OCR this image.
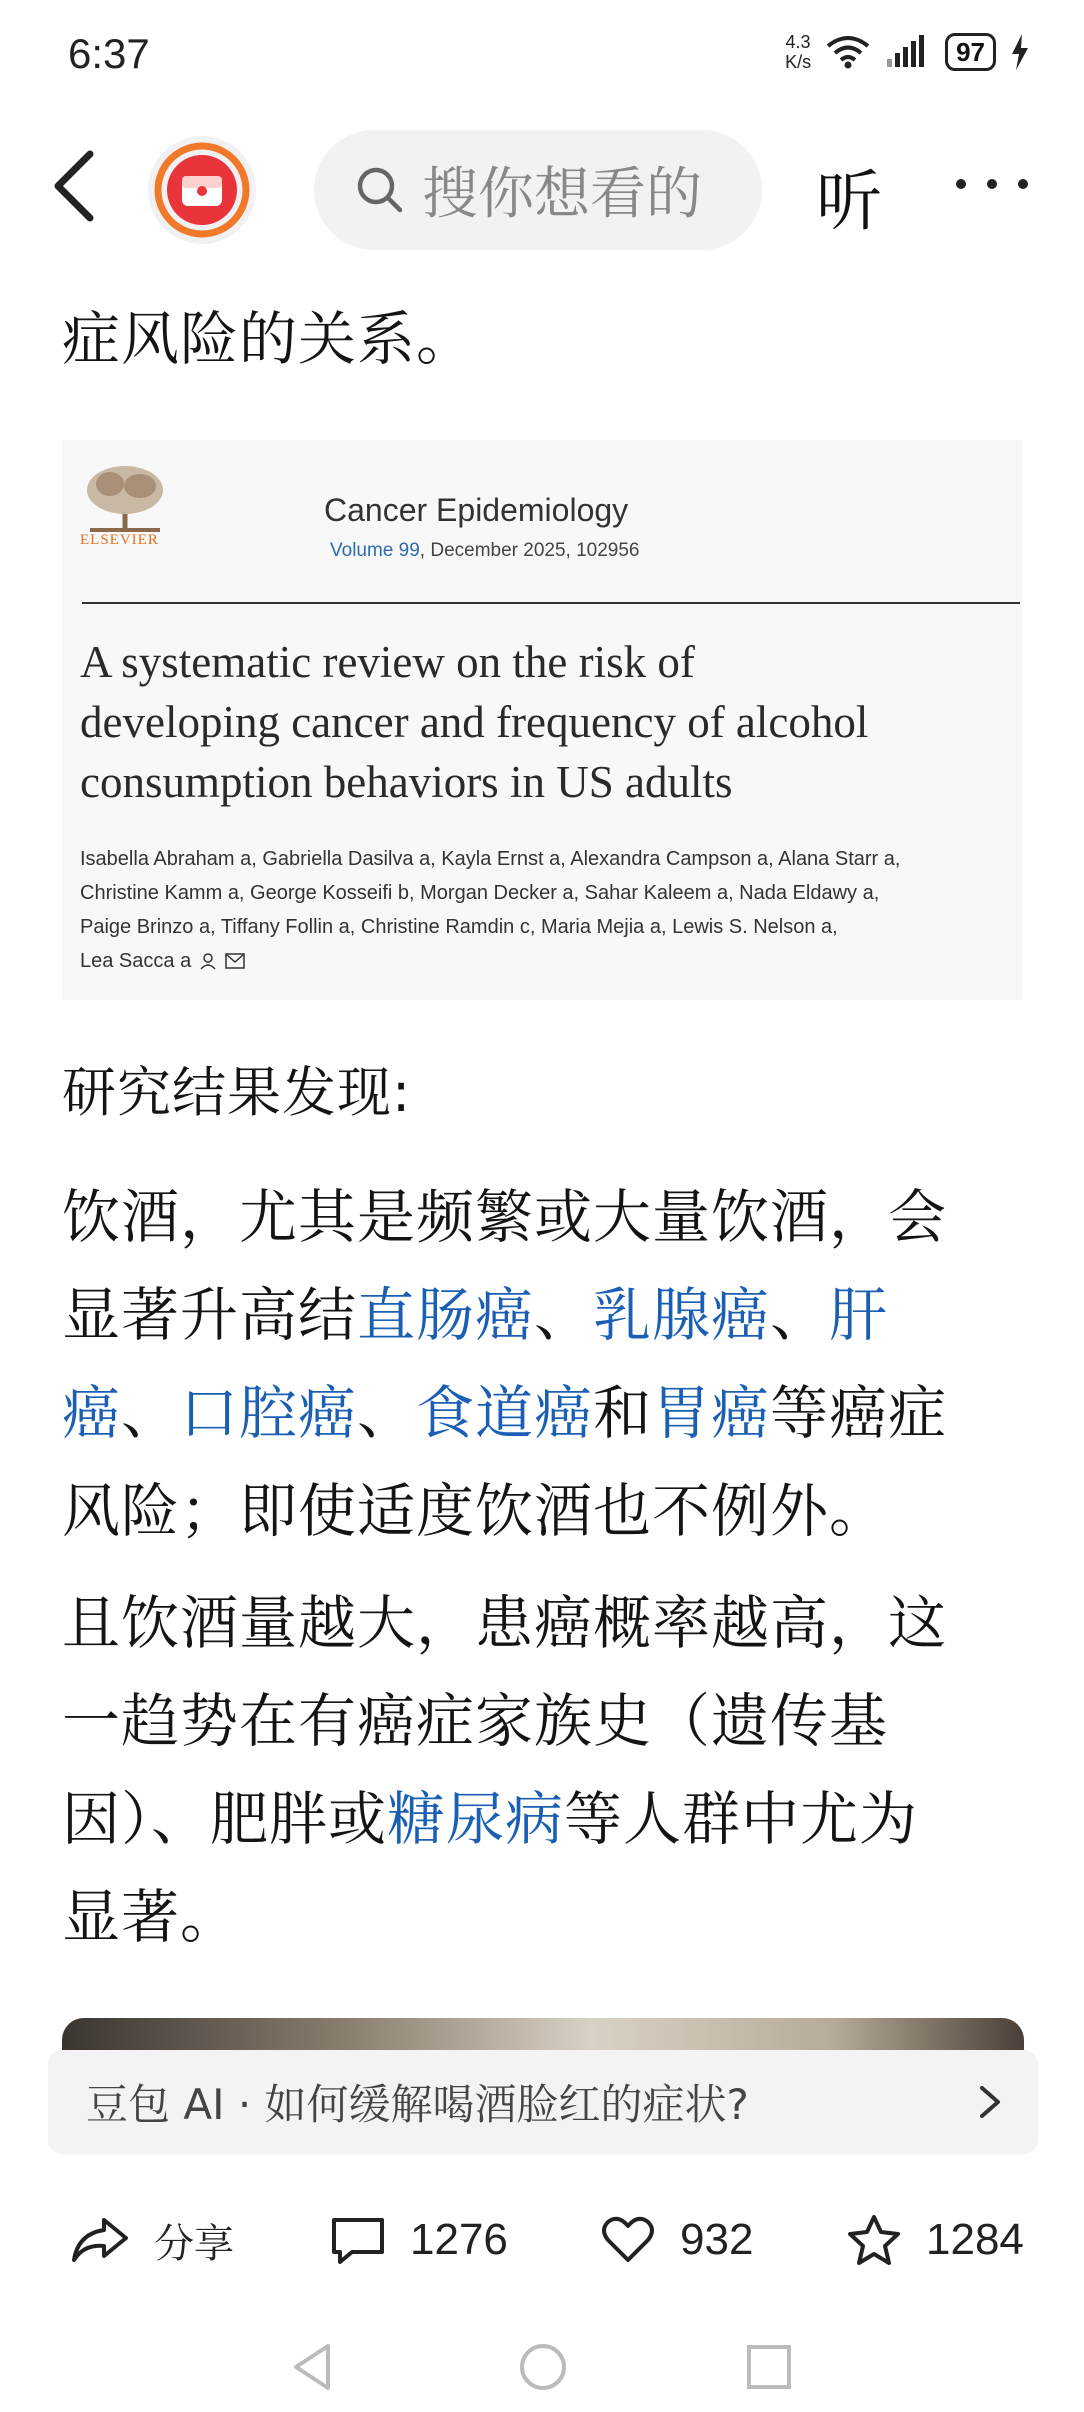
6:37	4.3
K/s	97
搜你想看的 听
症风险的关系。
ELSEVIER
Cancer Epidemiology
Volume 99, December 2025, 102956
A systematic review on the risk of
developing cancer and frequency of alcohol
consumption behaviors in US adults
Isabella Abraham a, Gabriella Dasilva a, Kayla Ernst a, Alexandra Campson a, Alana Starr a,
Christine Kamm a, George Kosseifi b, Morgan Decker a, Sahar Kaleem a, Nada Eldawy a,
Paige Brinzo a, Tiffany Follin a, Christine Ramdin c, Maria Mejia a, Lewis S. Nelson a,
Lea Sacca a
研究结果发现:
饮酒，尤其是频繁或大量饮酒，会
显著升高结直肠癌、乳腺癌、肝
癌、口腔癌、食道癌和胃癌等癌症
风险；即使适度饮酒也不例外。
且饮酒量越大，患癌概率越高，这
一趋势在有癌症家族史（遗传基
因）、肥胖或糖尿病等人群中尤为
显著。
豆包 AI · 如何缓解喝酒脸红的症状?
分享	1276	932	1284
